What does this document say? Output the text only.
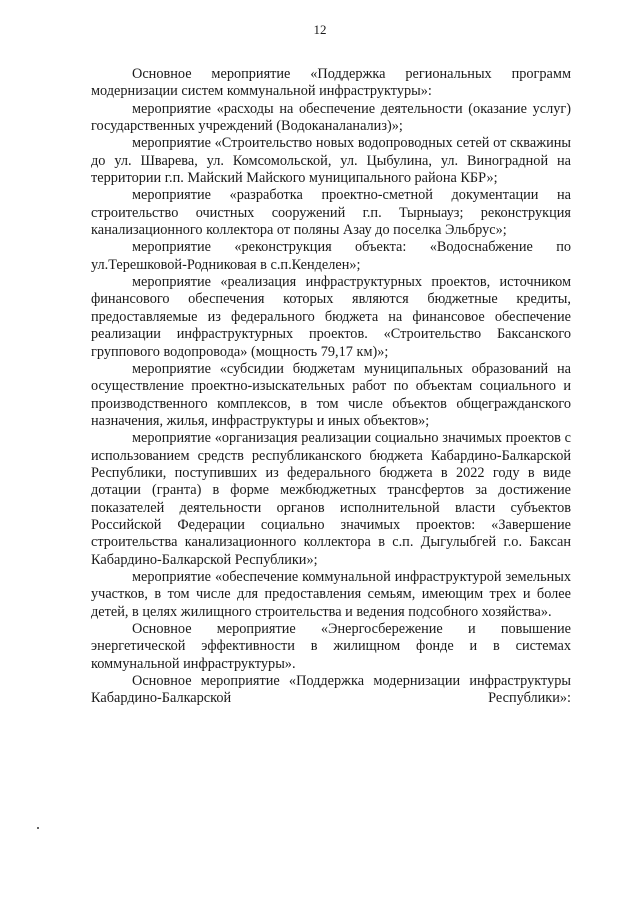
12

Основное мероприятие «Поддержка региональных программ модернизации систем коммунальной инфраструктуры»:

мероприятие «расходы на обеспечение деятельности (оказание услуг) государственных учреждений (Водоканаланализ)»;

мероприятие «Строительство новых водопроводных сетей от скважины до ул. Шварева, ул. Комсомольской, ул. Цыбулина, ул. Виноградной на территории г.п. Майский Майского муниципального района КБР»;

мероприятие «разработка проектно-сметной документации на строительство очистных сооружений г.п. Тырныауз; реконструкция канализационного коллектора от поляны Азау до поселка Эльбрус»;

мероприятие «реконструкция объекта: «Водоснабжение по ул.Терешковой-Родниковая в с.п.Кенделен»;

мероприятие «реализация инфраструктурных проектов, источником финансового обеспечения которых являются бюджетные кредиты, предоставляемые из федерального бюджета на финансовое обеспечение реализации инфраструктурных проектов. «Строительство Баксанского группового водопровода» (мощность 79,17 км)»;

мероприятие «субсидии бюджетам муниципальных образований на осуществление проектно-изыскательных работ по объектам социального и производственного комплексов, в том числе объектов общегражданского назначения, жилья, инфраструктуры и иных объектов»;

мероприятие «организация реализации социально значимых проектов с использованием средств республиканского бюджета Кабардино-Балкарской Республики, поступивших из федерального бюджета в 2022 году в виде дотации (гранта) в форме межбюджетных трансфертов за достижение показателей деятельности органов исполнительной власти субъектов Российской Федерации социально значимых проектов: «Завершение строительства канализационного коллектора в с.п. Дыгулыбгей г.о. Баксан Кабардино-Балкарской Республики»;

мероприятие «обеспечение коммунальной инфраструктурой земельных участков, в том числе для предоставления семьям, имеющим трех и более детей, в целях жилищного строительства и ведения подсобного хозяйства».

Основное мероприятие «Энергосбережение и повышение энергетической эффективности в жилищном фонде и в системах коммунальной инфраструктуры».

Основное мероприятие «Поддержка модернизации инфраструктуры Кабардино-Балкарской Республики»:
